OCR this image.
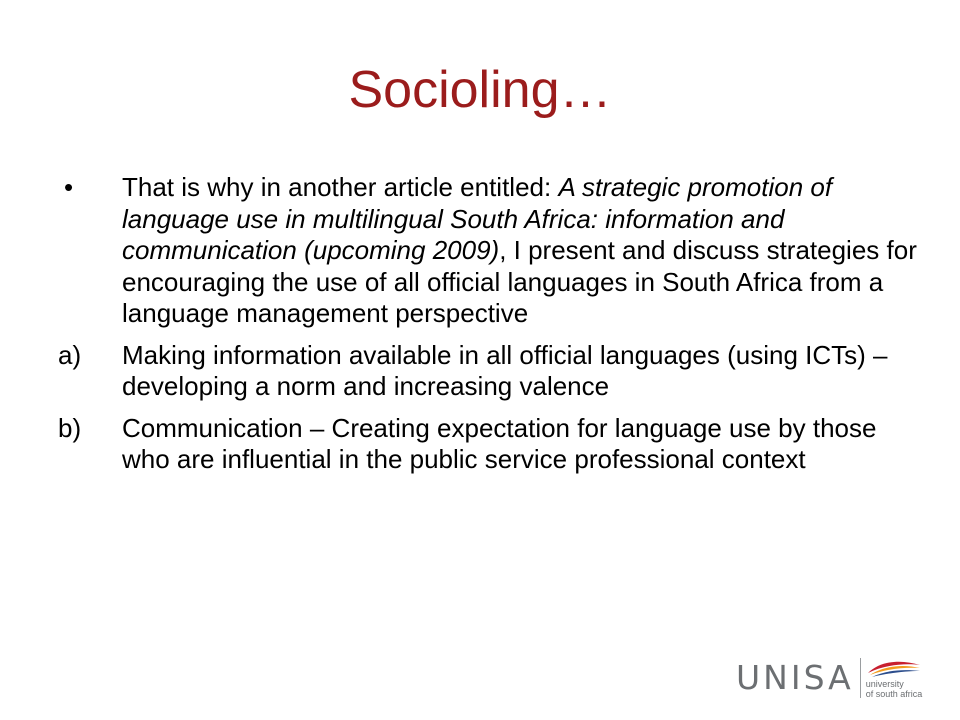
Socioling…
•	That is why in another article entitled: A strategic promotion of language use in multilingual South Africa: information and communication (upcoming 2009), I present and discuss strategies for encouraging the use of all official languages in South Africa from a language management perspective
a)	Making information available in all official languages (using ICTs) – developing a norm and increasing valence
b)	Communication – Creating expectation for language use by those who are influential in the public service professional context
UNISA university
of south africa
